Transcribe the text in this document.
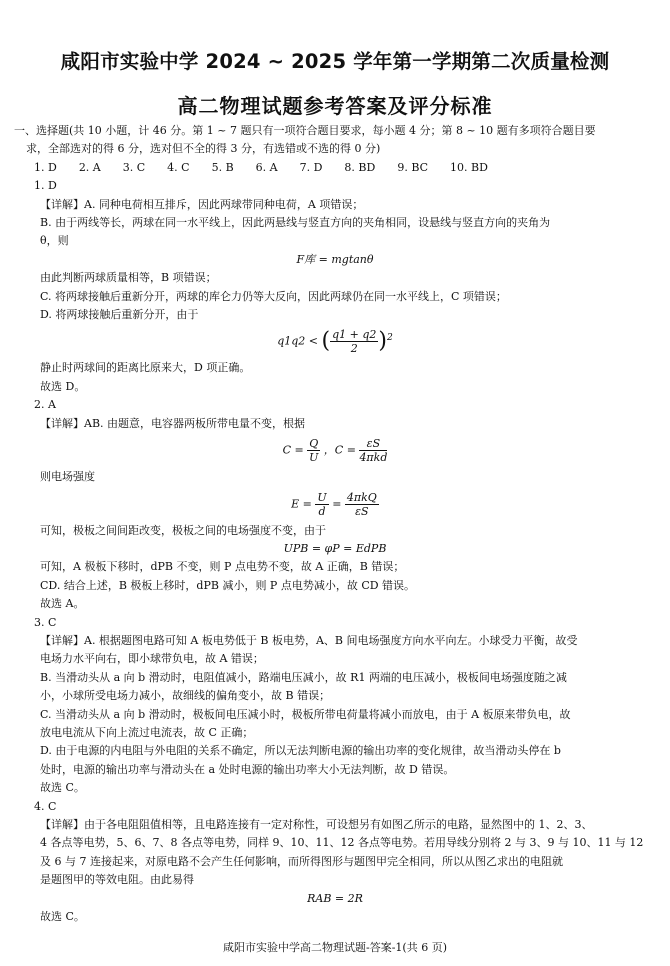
咸阳市实验中学 2024 ~ 2025 学年第一学期第二次质量检测
高二物理试题参考答案及评分标准
一、选择题(共 10 小题，计 46 分。第 1 ~ 7 题只有一项符合题目要求，每小题 4 分；第 8 ~ 10 题有多项符合题目要
求，全部选对的得 6 分，选对但不全的得 3 分，有选错或不选的得 0 分)
1. D 2. A 3. C 4. C 5. B 6. A 7. D 8. BD 9. BC 10. BD
1. D
【详解】A. 同种电荷相互排斥，因此两球带同种电荷，A 项错误；
B. 由于两线等长，两球在同一水平线上，因此两悬线与竖直方向的夹角相同，设悬线与竖直方向的夹角为
θ，则
F库 = mgtanθ
由此判断两球质量相等，B 项错误；
C. 将两球接触后重新分开，两球的库仑力仍等大反向，因此两球仍在同一水平线上，C 项错误；
D. 将两球接触后重新分开，由于
q1q2 < ( $\frac{q1 + q2}{2} )^2$
静止时两球间的距离比原来大，D 项正确。
故选 D。
2. A
【详解】AB. 由题意，电容器两板所带电量不变，根据
$C = \frac{Q}{U}$ ，$C = \frac{\varepsilon S}{\text{4πkd}}$
则电场强度
$E = \frac{U}{d} = \frac{\text{4πkQ}}{\varepsilon S}$
可知，极板之间间距改变，极板之间的电场强度不变，由于
UPB = φP = EdPB
可知，A 极板下移时，dPB 不变，则 P 点电势不变，故 A 正确，B 错误；
CD. 结合上述，B 极板上移时，dPB 减小，则 P 点电势减小，故 CD 错误。
故选 A。
3. C
【详解】A. 根据题图电路可知 A 板电势低于 B 板电势，A、B 间电场强度方向水平向左。小球受力平衡，故受
电场力水平向右，即小球带负电，故 A 错误；
B. 当滑动头从 a 向 b 滑动时，电阻值减小，路端电压减小，故 R1 两端的电压减小，极板间电场强度随之减
小，小球所受电场力减小，故细线的偏角变小，故 B 错误；
C. 当滑动头从 a 向 b 滑动时，极板间电压减小时，极板所带电荷量将减小而放电，由于 A 板原来带负电，故
放电电流从下向上流过电流表，故 C 正确；
D. 由于电源的内电阻与外电阻的关系不确定，所以无法判断电源的输出功率的变化规律，故当滑动头停在 b
处时，电源的输出功率与滑动头在 a 处时电源的输出功率大小无法判断，故 D 错误。
故选 C。
4. C
【详解】由于各电阻阻值相等，且电路连接有一定对称性，可设想另有如图乙所示的电路，显然图中的 1、2、3、
4 各点等电势，5、6、7、8 各点等电势，同样 9、10、11、12 各点等电势。若用导线分别将 2 与 3、9 与 10、11 与 12
及 6 与 7 连接起来，对原电路不会产生任何影响，而所得图形与题图甲完全相同，所以从图乙求出的电阻就
是题图甲的等效电阻。由此易得
RAB = 2R
故选 C。
咸阳市实验中学高二物理试题-答案-1(共 6 页)
